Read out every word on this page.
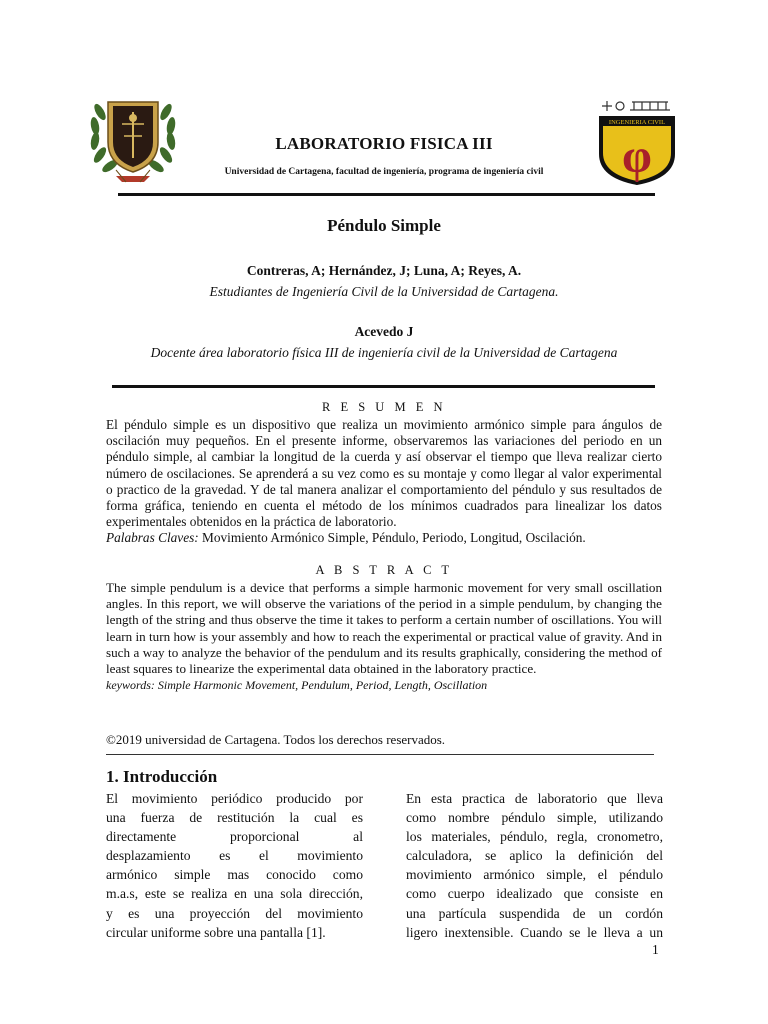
INGENIERIA CIVIL
φ
LABORATORIO FISICA III
Universidad de Cartagena, facultad de ingeniería, programa de ingeniería civil
Péndulo Simple
Contreras, A; Hernández, J; Luna, A; Reyes, A.
Estudiantes de Ingeniería Civil de la Universidad de Cartagena.
Acevedo J
Docente área laboratorio física III de ingeniería civil de la Universidad de Cartagena
R E S U M E N

El péndulo simple es un dispositivo que realiza un movimiento armónico simple para ángulos de oscilación muy pequeños. En el presente informe, observaremos las variaciones del periodo en un péndulo simple, al cambiar la longitud de la cuerda y así observar el tiempo que lleva realizar cierto número de oscilaciones. Se aprenderá a su vez como es su montaje y como llegar al valor experimental o practico de la gravedad. Y de tal manera analizar el comportamiento del péndulo y sus resultados de forma gráfica, teniendo en cuenta el método de los mínimos cuadrados para linealizar los datos experimentales obtenidos en la práctica de laboratorio.

Palabras Claves: Movimiento Armónico Simple, Péndulo, Periodo, Longitud, Oscilación.

A B S T R A C T

The simple pendulum is a device that performs a simple harmonic movement for very small oscillation angles. In this report, we will observe the variations of the period in a simple pendulum, by changing the length of the string and thus observe the time it takes to perform a certain number of oscillations. You will learn in turn how is your assembly and how to reach the experimental or practical value of gravity. And in such a way to analyze the behavior of the pendulum and its results graphically, considering the method of least squares to linearize the experimental data obtained in the laboratory practice.

keywords: Simple Harmonic Movement, Pendulum, Period, Length, Oscillation

©2019 universidad de Cartagena. Todos los derechos reservados.
1. Introducción
El movimiento periódico producido por
una fuerza de restitución la cual es
directamente proporcional al
desplazamiento es el movimiento
armónico simple mas conocido como
m.a.s, este se realiza en una sola dirección,
y es una proyección del movimiento
circular uniforme sobre una pantalla [1].
En esta practica de laboratorio que lleva
como nombre péndulo simple, utilizando
los materiales, péndulo, regla, cronometro,
calculadora, se aplico la definición del
movimiento armónico simple, el péndulo
como cuerpo idealizado que consiste en
una partícula suspendida de un cordón
ligero inextensible. Cuando se le lleva a un
1
